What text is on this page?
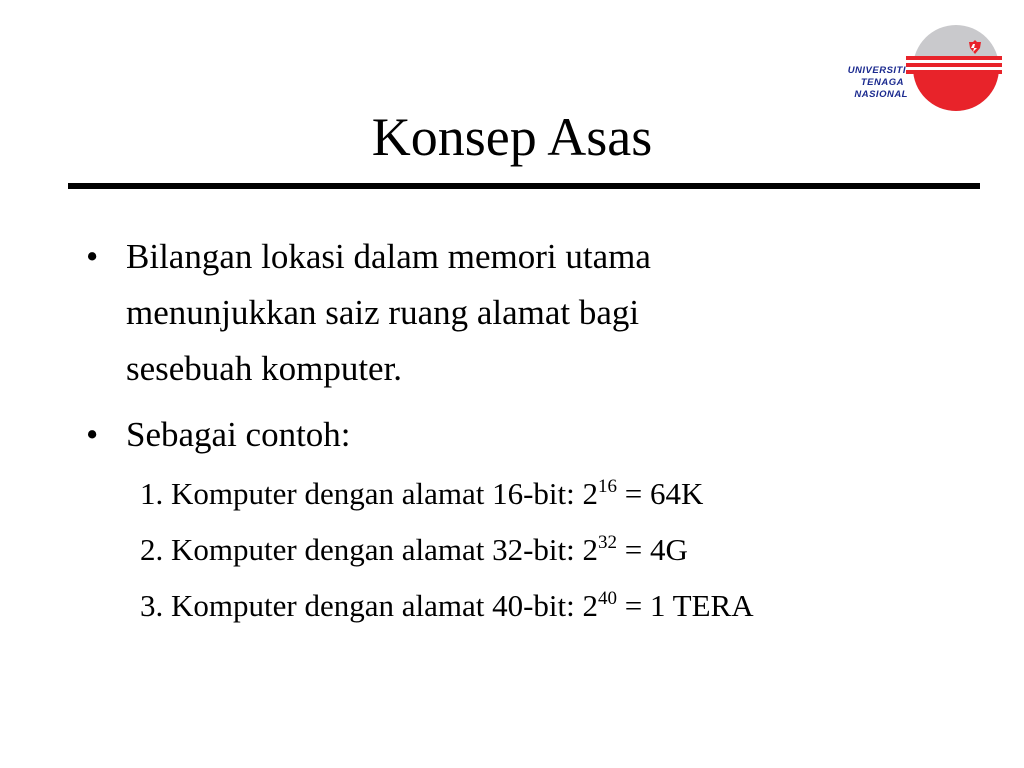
UNIVERSITI
TENAGA
NASIONAL
Konsep Asas
• Bilangan lokasi dalam memori utama
menunjukkan saiz ruang alamat bagi
sesebuah komputer.
• Sebagai contoh:
1. Komputer dengan alamat 16-bit: $2^{16} = 64K$
2. Komputer dengan alamat 32-bit: $2^{32} = 4G$
3. Komputer dengan alamat 40-bit: $2^{40} = 1$ TERA
